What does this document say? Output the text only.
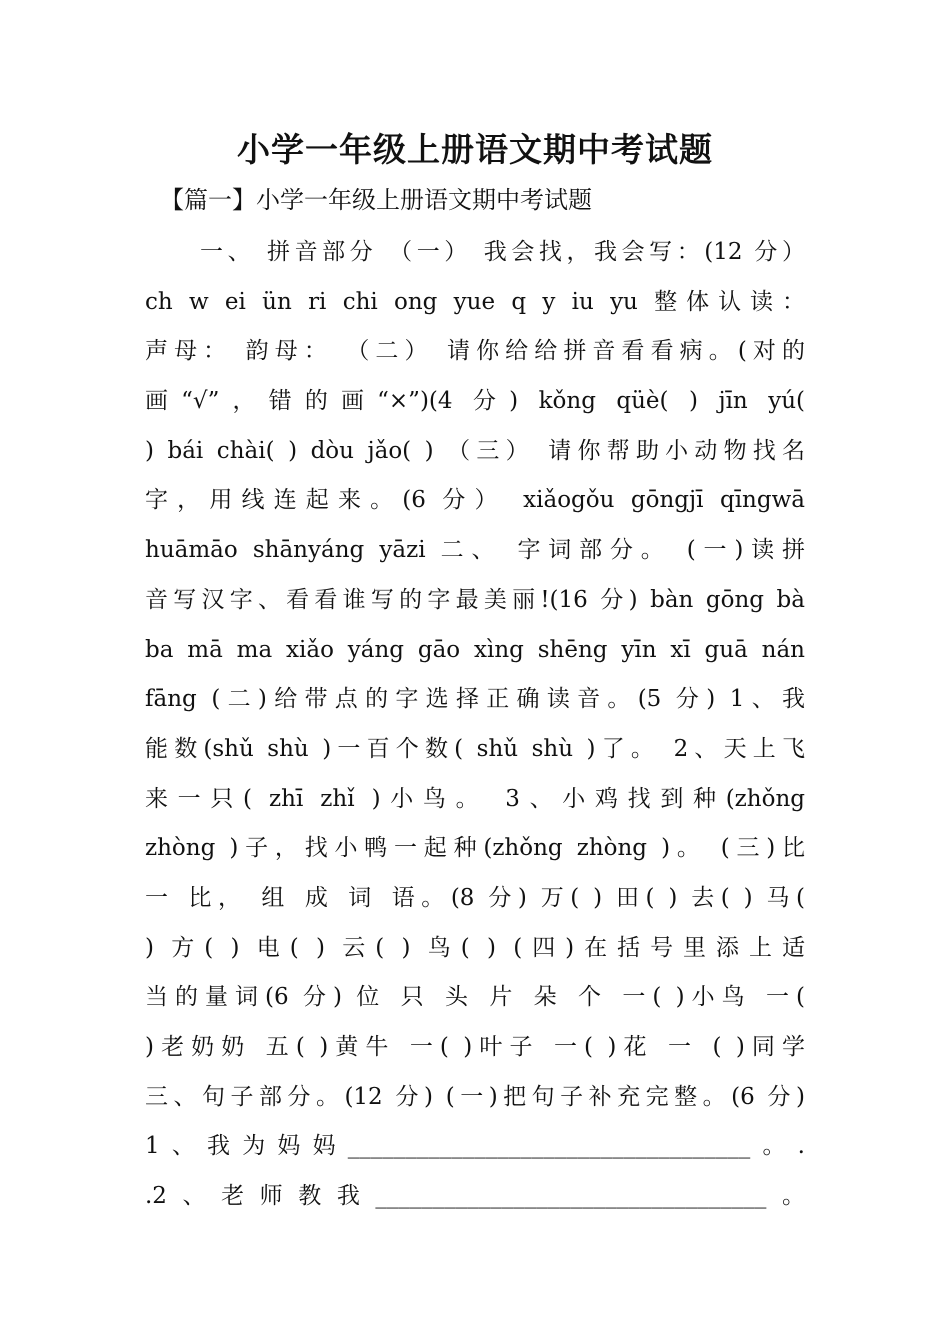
小学一年级上册语文期中考试题
【篇一】小学一年级上册语文期中考试题
一、 拼音部分 （一） 我会找，我会写：(12 分）
ch w ei ün ri chi ong yue q y iu yu 整体认读：
声母： 韵母： （二） 请你给给拼音看看病。(对的
画“√”，错的画“×”)(4 分) kǒng qüè( ) jīn yú(
) bái chài( ) dòu jǎo( ) （三） 请你帮助小动物找名
字，用线连起来。(6 分） xiǎogǒu gōngjī qīngwā
huāmāo shānyáng yāzi 二、 字词部分。 (一)读拼
音写汉字、看看谁写的字最美丽!(16 分) bàn gōng bà
ba mā ma xiǎo yáng gāo xìng shēng yīn xī guā nán
fāng (二)给带点的字选择正确读音。(5 分) 1、我
能数(shǔ shù )一百个数( shǔ shù )了。 2、天上飞
来一只( zhī zhǐ )小鸟。 3、小鸡找到种(zhǒng
zhòng )子，找小鸭一起种(zhǒng zhòng )。 (三)比
一 比， 组 成 词 语。(8 分) 万( ) 田( ) 去( ) 马(
) 方( ) 电( ) 云( ) 鸟( ) (四)在括号里添上适
当的量词(6 分) 位 只 头 片 朵 个 一( )小鸟 一(
)老奶奶 五( )黄牛 一( )叶子 一( )花 一 ( )同学
三、句子部分。(12 分) (一)把句子补充完整。(6 分)
1、我为妈妈___________________________________。.
.2、老师教我__________________________________。
